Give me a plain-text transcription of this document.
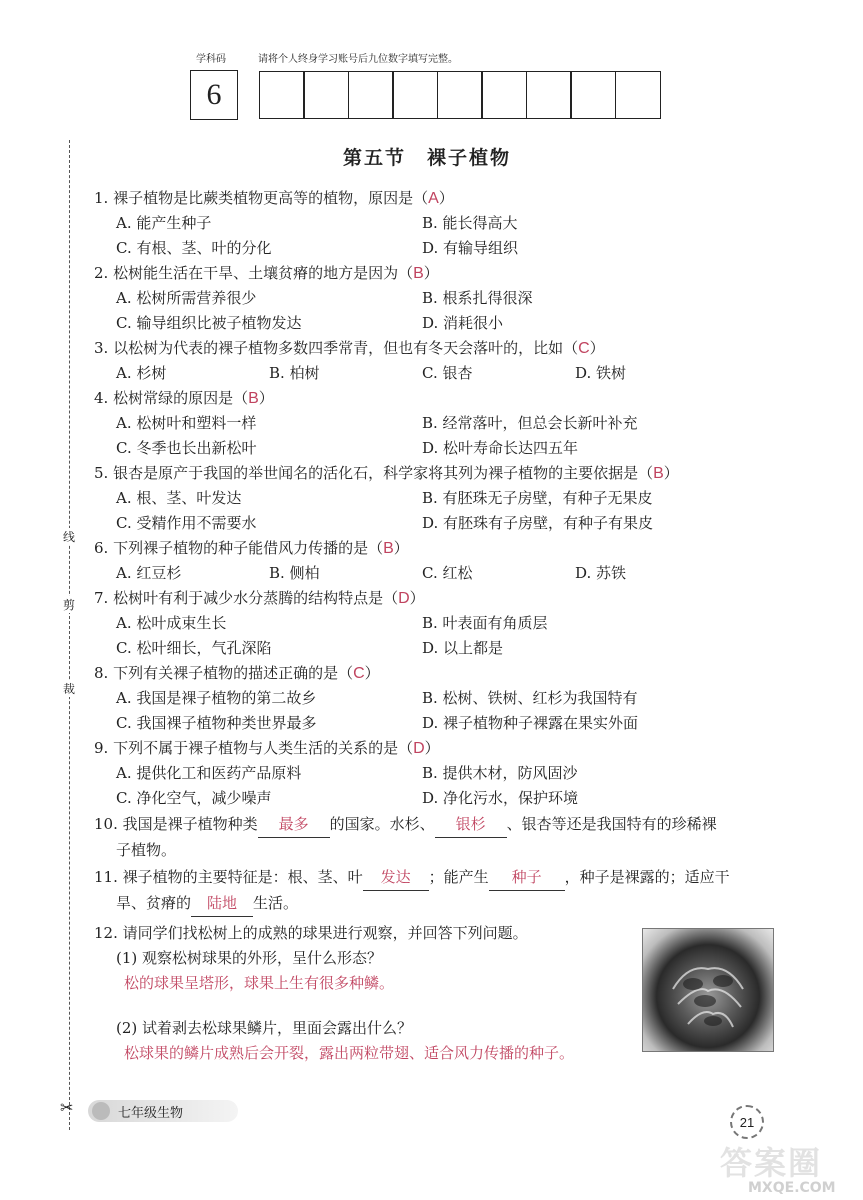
学科码	请将个人终身学习账号后九位数字填写完整。
6
线
剪
裁
第五节　裸子植物
1. 裸子植物是比蕨类植物更高等的植物，原因是（A）
A. 能产生种子	B. 能长得高大
C. 有根、茎、叶的分化	D. 有输导组织
2. 松树能生活在干旱、土壤贫瘠的地方是因为（B）
A. 松树所需营养很少	B. 根系扎得很深
C. 输导组织比被子植物发达	D. 消耗很小
3. 以松树为代表的裸子植物多数四季常青，但也有冬天会落叶的，比如（C）
A. 杉树	B. 柏树	C. 银杏	D. 铁树
4. 松树常绿的原因是（B）
A. 松树叶和塑料一样	B. 经常落叶，但总会长新叶补充
C. 冬季也长出新松叶	D. 松叶寿命长达四五年
5. 银杏是原产于我国的举世闻名的活化石，科学家将其列为裸子植物的主要依据是（B）
A. 根、茎、叶发达	B. 有胚珠无子房壁，有种子无果皮
C. 受精作用不需要水	D. 有胚珠有子房壁，有种子有果皮
6. 下列裸子植物的种子能借风力传播的是（B）
A. 红豆杉	B. 侧柏	C. 红松	D. 苏铁
7. 松树叶有利于减少水分蒸腾的结构特点是（D）
A. 松叶成束生长	B. 叶表面有角质层
C. 松叶细长，气孔深陷	D. 以上都是
8. 下列有关裸子植物的描述正确的是（C）
A. 我国是裸子植物的第二故乡	B. 松树、铁树、红杉为我国特有
C. 我国裸子植物种类世界最多	D. 裸子植物种子裸露在果实外面
9. 下列不属于裸子植物与人类生活的关系的是（D）
A. 提供化工和医药产品原料	B. 提供木材，防风固沙
C. 净化空气，减少噪声	D. 净化污水，保护环境
10. 我国是裸子植物种类 最多 的国家。水杉、 银杉 、银杏等还是我国特有的珍稀裸
子植物。
11. 裸子植物的主要特征是：根、茎、叶 发达 ；能产生 种子 ，种子是裸露的；适应干
旱、贫瘠的 陆地 生活。
12. 请同学们找松树上的成熟的球果进行观察，并回答下列问题。
(1) 观察松树球果的外形，呈什么形态？
松的球果呈塔形，球果上生有很多种鳞。
(2) 试着剥去松球果鳞片，里面会露出什么？
松球果的鳞片成熟后会开裂，露出两粒带翅、适合风力传播的种子。
✂	七年级生物
21
答案圈
MXQE.COM
